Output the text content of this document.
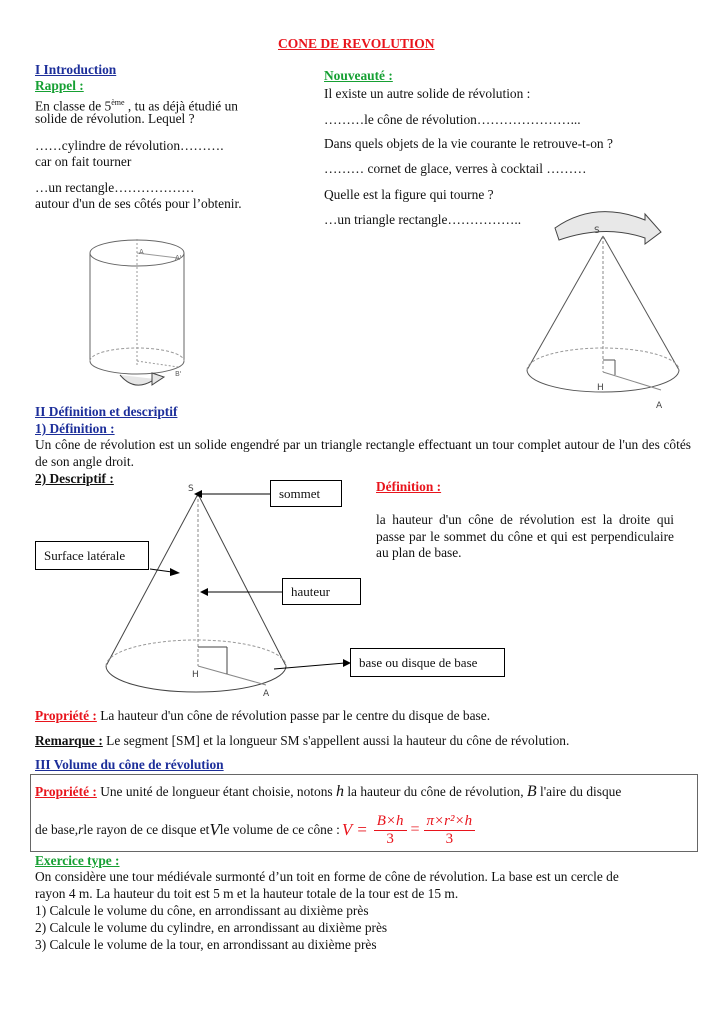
CONE DE REVOLUTION
I Introduction
Rappel :
En classe de 5ème , tu as déjà étudié un
solide de révolution. Lequel ?
……cylindre de révolution……….
car on fait tourner
…un rectangle………………
autour d'un de ses côtés pour l’obtenir.
Nouveauté :
Il existe un autre solide de révolution :
………le cône de révolution…………………...
Dans quels objets de la vie courante le retrouve-t-on ?
……… cornet de glace, verres à cocktail ………
Quelle est la figure qui tourne ?
…un triangle rectangle……………..
A
A'
B'
S
H
A
II Définition et descriptif
1) Définition :
Un cône de révolution est un solide engendré par un triangle rectangle effectuant un tour complet autour de l'un des côtés de son angle droit.
2) Descriptif :
S
H
A
sommet
Surface latérale
hauteur
base ou disque de base
Définition :
la hauteur d'un cône de révolution est la droite qui passe par le sommet du cône et qui est perpendiculaire au plan de base.
Propriété : La hauteur d'un cône de révolution passe par le centre du disque de base.
Remarque : Le segment [SM] et la longueur SM s'appellent aussi la hauteur du cône de révolution.
III Volume du cône de révolution
Propriété : Une unité de longueur étant choisie, notons h la hauteur du cône de révolution, B l'aire du disque
de base, r le rayon de ce disque et V le volume de ce cône : $V = \frac{B\times h}{3} = \frac{\text{π×r²×h}}{3}$
Exercice type :
On considère une tour médiévale surmonté d’un toit en forme de cône de révolution. La base est un cercle de
rayon 4 m. La hauteur du toit est 5 m et la hauteur totale de la tour est de 15 m.
1) Calcule le volume du cône, en arrondissant au dixième près
2) Calcule le volume du cylindre, en arrondissant au dixième près
3) Calcule le volume de la tour, en arrondissant au dixième près
